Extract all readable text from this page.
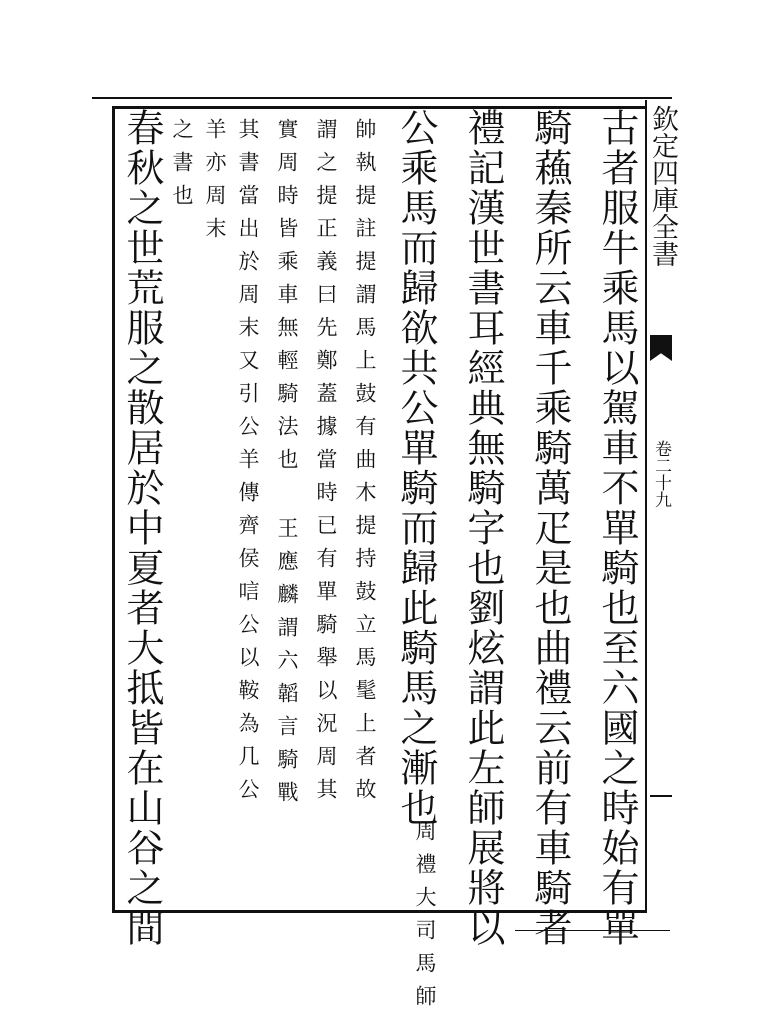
欽定四庫全書
卷二十九
古者服牛乘馬以駕車不單騎也至六國之時始有單
騎蘓秦所云車千乘騎萬疋是也曲禮云前有車騎者
禮記漢世書耳經典無騎字也劉炫謂此左師展將以
公乘馬而歸欲共公單騎而歸此騎馬之漸也
周禮大司馬師
帥執提註提謂馬上鼓有曲木提持鼓立馬髦上者故
謂之提正義曰先鄭蓋據當時已有單騎舉以況周其
實周時皆乘車無輕騎法也 王應麟謂六韜言騎戰
其書當出於周末又引公羊傳齊侯唁公以鞍為几公
羊亦周末
之書也
春秋之世荒服之散居於中夏者大抵皆在山谷之間
